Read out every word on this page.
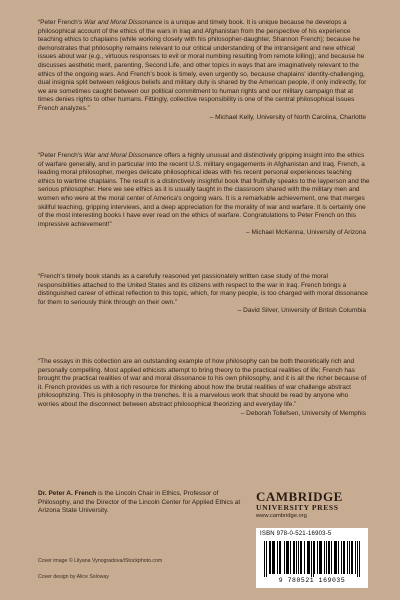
“Peter French's War and Moral Dissonance is a unique and timely book. It is unique because he develops a philosophical account of the ethics of the wars in Iraq and Afghanistan from the perspective of his experience teaching ethics to chaplains (while working closely with his philosopher-daughter, Shannon French); because he demonstrates that philosophy remains relevant to our critical understanding of the intransigent and new ethical issues about war (e.g., virtuous responses to evil or moral numbing resulting from remote killing); and because he discusses aesthetic merit, parenting, Second Life, and other topics in ways that are imaginatively relevant to the ethics of the ongoing wars. And French's book is timely, even urgently so, because chaplains' identity-challenging, dual insignia split between religious beliefs and military duty is shared by the American people, if only indirectly, for we are sometimes caught between our political commitment to human rights and our military campaign that at times denies rights to other humans. Fittingly, collective responsibility is one of the central philosophical issues French analyzes.”
– Michael Kelly, University of North Carolina, Charlotte

“Peter French's War and Moral Dissonance offers a highly unusual and distinctively gripping insight into the ethics of warfare generally, and in particular into the recent U.S. military engagements in Afghanistan and Iraq. French, a leading moral philosopher, merges delicate philosophical ideas with his recent personal experiences teaching ethics to wartime chaplains. The result is a distinctively insightful book that fruitfully speaks to the layperson and the serious philosopher. Here we see ethics as it is usually taught in the classroom shared with the military men and women who were at the moral center of America's ongoing wars. It is a remarkable achievement, one that merges skillful teaching, gripping interviews, and a deep appreciation for the morality of war and warfare. It is certainly one of the most interesting books I have ever read on the ethics of warfare. Congratulations to Peter French on this impressive achievement!”
– Michael McKenna, University of Arizona

“French's timely book stands as a carefully reasoned yet passionately written case study of the moral responsibilities attached to the United States and its citizens with respect to the war in Iraq. French brings a distinguished career of ethical reflection to this topic, which, for many people, is too charged with moral dissonance for them to seriously think through on their own.”
– David Silver, University of British Columbia

“The essays in this collection are an outstanding example of how philosophy can be both theoretically rich and personally compelling. Most applied ethicists attempt to bring theory to the practical realities of life; French has brought the practical realities of war and moral dissonance to his own philosophy, and it is all the richer because of it. French provides us with a rich resource for thinking about how the brutal realities of war challenge abstract philosophizing. This is philosophy in the trenches. It is a marvelous work that should be read by anyone who worries about the disconnect between abstract philosophical theorizing and everyday life.”
– Deborah Tollefsen, University of Memphis

Dr. Peter A. French is the Lincoln Chair in Ethics, Professor of Philosophy, and the Director of the Lincoln Center for Applied Ethics at Arizona State University.
Cover image © Lilyana Vynogradova/iStockphoto.com
Cover design by Alice Soloway

CAMBRIDGE

UNIVERSITY PRESS

www.cambridge.org

ISBN 978-0-521-16903-5
9 780521 169035
